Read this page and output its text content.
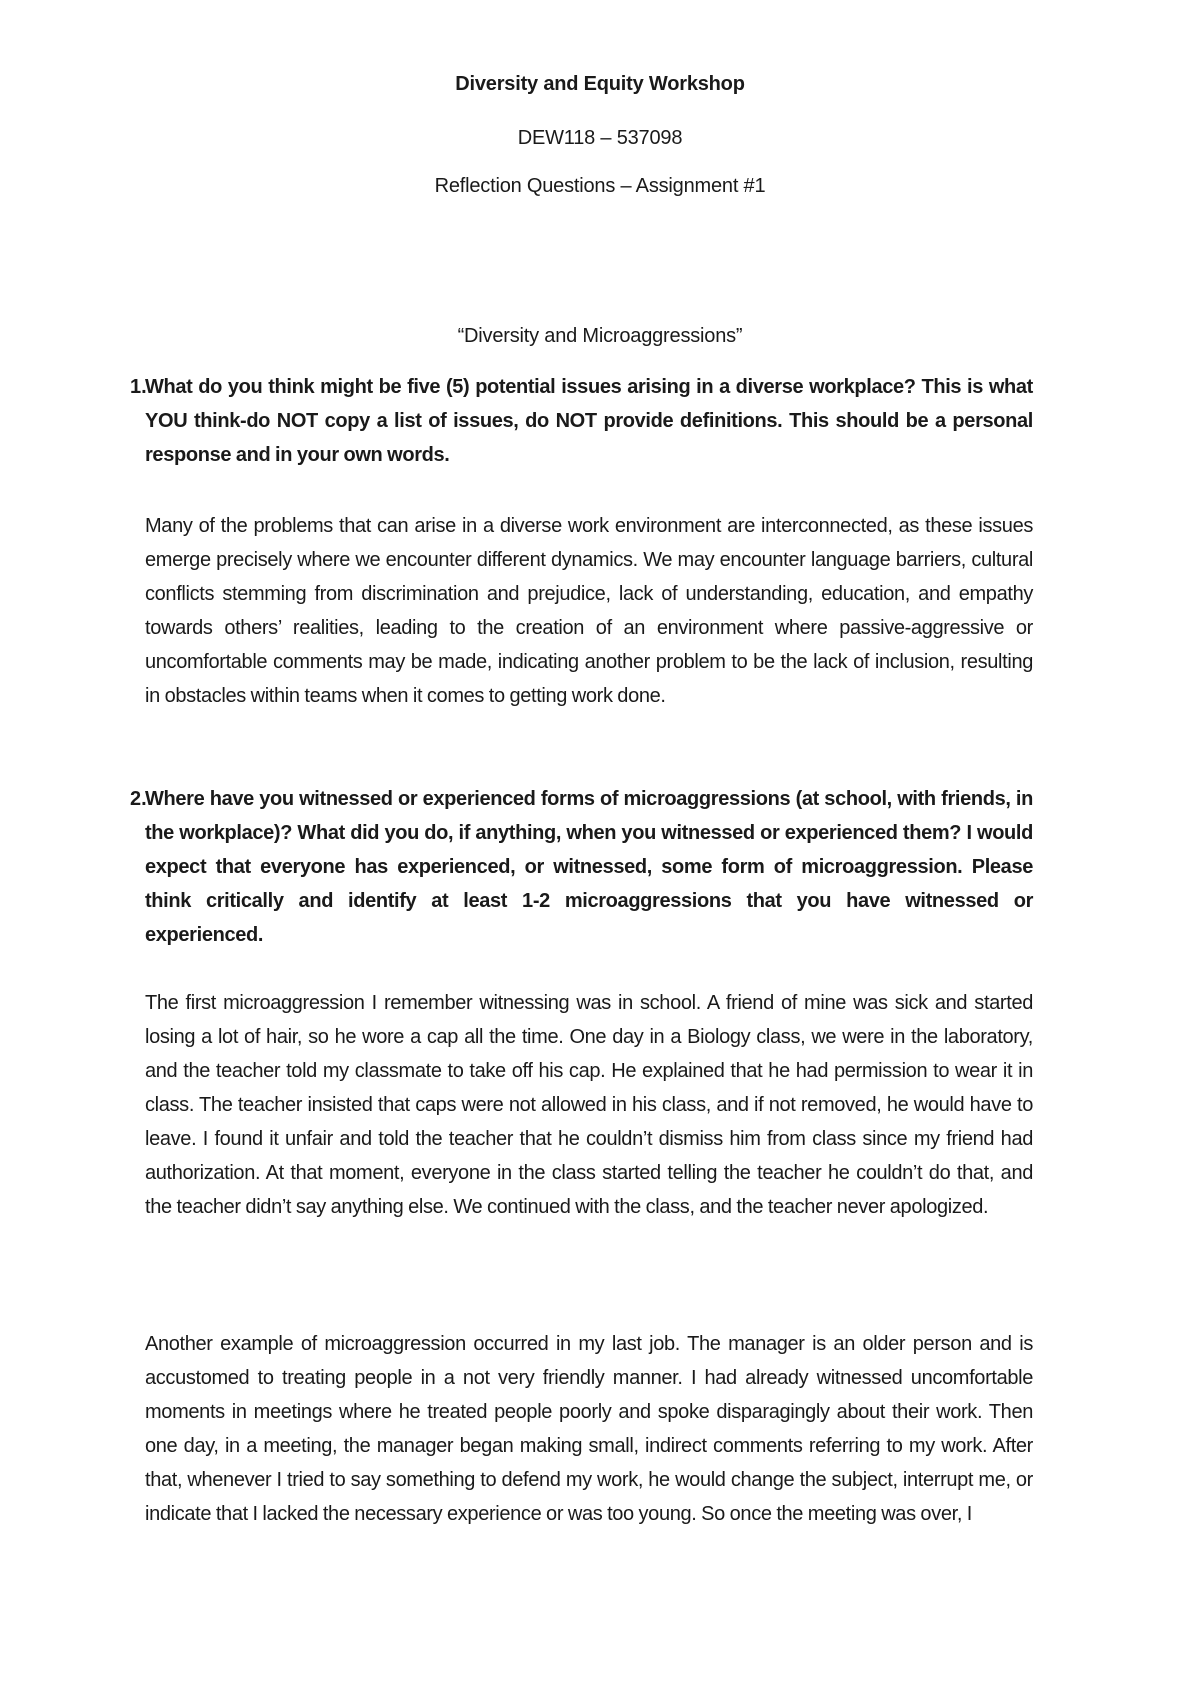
Diversity and Equity Workshop
DEW118 – 537098
Reflection Questions – Assignment #1
“Diversity and Microaggressions”
1.
What do you think might be five (5) potential issues arising in a diverse workplace? This is what YOU think-do NOT copy a list of issues, do NOT provide definitions. This should be a personal response and in your own words.

Many of the problems that can arise in a diverse work environment are interconnected, as these issues emerge precisely where we encounter different dynamics. We may encounter language barriers, cultural conflicts stemming from discrimination and prejudice, lack of understanding, education, and empathy towards others’ realities, leading to the creation of an environment where passive-aggressive or uncomfortable comments may be made, indicating another problem to be the lack of inclusion, resulting in obstacles within teams when it comes to getting work done.

2.
Where have you witnessed or experienced forms of microaggressions (at school, with friends, in the workplace)? What did you do, if anything, when you witnessed or experienced them? I would expect that everyone has experienced, or witnessed, some form of microaggression. Please think critically and identify at least 1-2 microaggressions that you have witnessed or experienced.

The first microaggression I remember witnessing was in school. A friend of mine was sick and started losing a lot of hair, so he wore a cap all the time. One day in a Biology class, we were in the laboratory, and the teacher told my classmate to take off his cap. He explained that he had permission to wear it in class. The teacher insisted that caps were not allowed in his class, and if not removed, he would have to leave. I found it unfair and told the teacher that he couldn’t dismiss him from class since my friend had authorization. At that moment, everyone in the class started telling the teacher he couldn’t do that, and the teacher didn’t say anything else. We continued with the class, and the teacher never apologized.

Another example of microaggression occurred in my last job. The manager is an older person and is accustomed to treating people in a not very friendly manner. I had already witnessed uncomfortable moments in meetings where he treated people poorly and spoke disparagingly about their work. Then one day, in a meeting, the manager began making small, indirect comments referring to my work. After that, whenever I tried to say something to defend my work, he would change the subject, interrupt me, or indicate that I lacked the necessary experience or was too young. So once the meeting was over, I
